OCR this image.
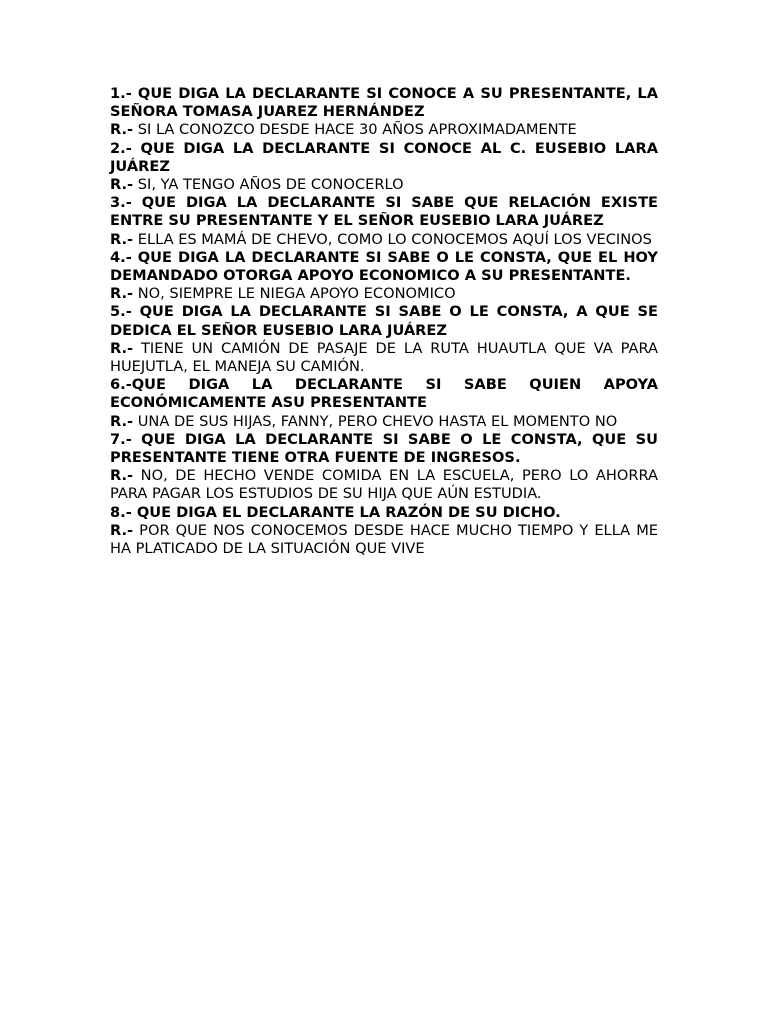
1.- QUE DIGA LA DECLARANTE SI CONOCE A SU PRESENTANTE, LA SEÑORA TOMASA JUAREZ HERNÁNDEZ

R.- SI LA CONOZCO DESDE HACE 30 AÑOS APROXIMADAMENTE

2.- QUE DIGA LA DECLARANTE SI CONOCE AL C. EUSEBIO LARA JUÁREZ

R.- SI, YA TENGO AÑOS DE CONOCERLO

3.- QUE DIGA LA DECLARANTE SI SABE QUE RELACIÓN EXISTE ENTRE SU PRESENTANTE Y EL SEÑOR EUSEBIO LARA JUÁREZ

R.- ELLA ES MAMÁ DE CHEVO, COMO LO CONOCEMOS AQUÍ LOS VECINOS

4.- QUE DIGA LA DECLARANTE SI SABE O LE CONSTA, QUE EL HOY DEMANDADO OTORGA APOYO ECONOMICO A SU PRESENTANTE.

R.- NO, SIEMPRE LE NIEGA APOYO ECONOMICO

5.- QUE DIGA LA DECLARANTE SI SABE O LE CONSTA, A QUE SE DEDICA EL SEÑOR EUSEBIO LARA JUÁREZ

R.- TIENE UN CAMIÓN DE PASAJE DE LA RUTA HUAUTLA QUE VA PARA HUEJUTLA, EL MANEJA SU CAMIÓN.

6.-QUE DIGA LA DECLARANTE SI SABE QUIEN APOYA ECONÓMICAMENTE ASU PRESENTANTE

R.- UNA DE SUS HIJAS, FANNY, PERO CHEVO HASTA EL MOMENTO NO

7.- QUE DIGA LA DECLARANTE SI SABE O LE CONSTA, QUE SU PRESENTANTE TIENE OTRA FUENTE DE INGRESOS.

R.- NO, DE HECHO VENDE COMIDA EN LA ESCUELA, PERO LO AHORRA PARA PAGAR LOS ESTUDIOS DE SU HIJA QUE AÚN ESTUDIA.

8.- QUE DIGA EL DECLARANTE LA RAZÓN DE SU DICHO.

R.- POR QUE NOS CONOCEMOS DESDE HACE MUCHO TIEMPO Y ELLA ME HA PLATICADO DE LA SITUACIÓN QUE VIVE
